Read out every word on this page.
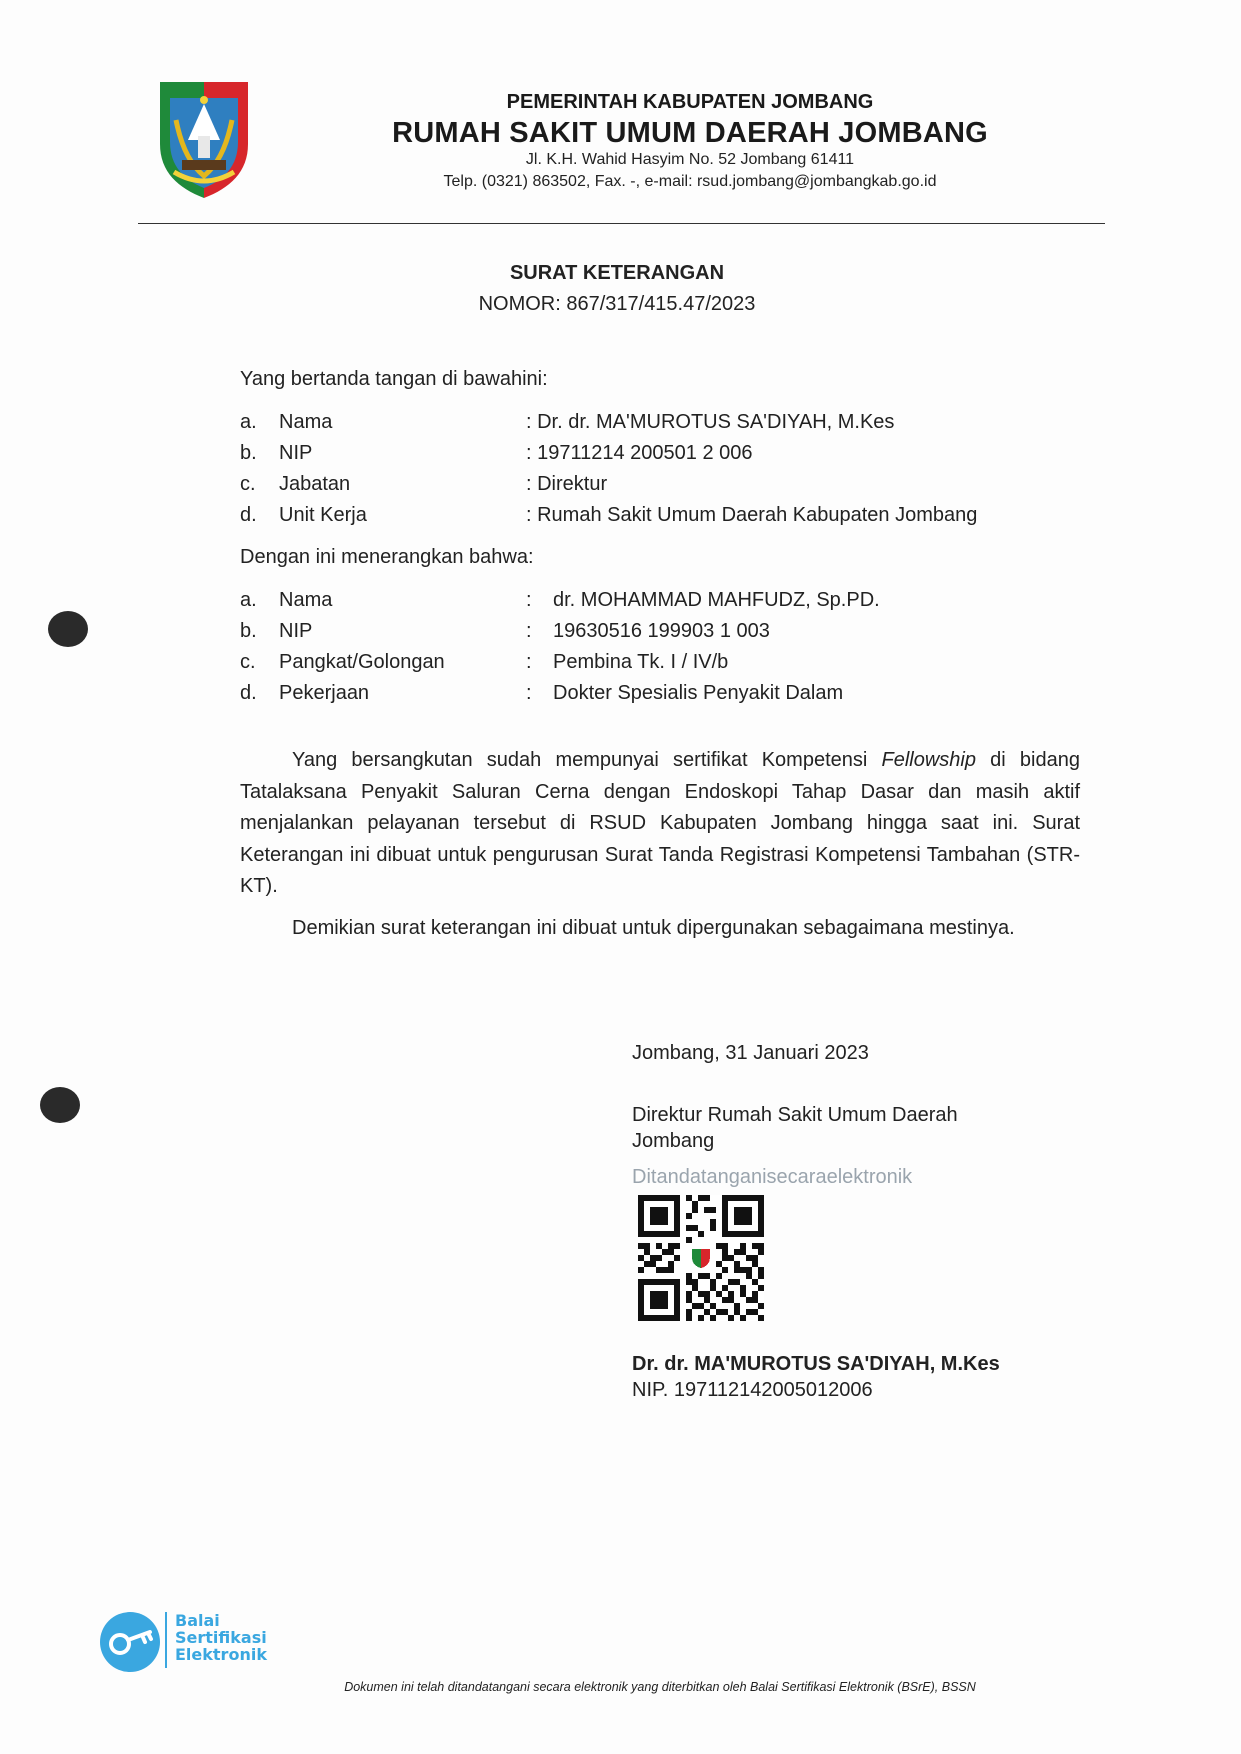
PEMERINTAH KABUPATEN JOMBANG
RUMAH SAKIT UMUM DAERAH JOMBANG
Jl. K.H. Wahid Hasyim No. 52 Jombang 61411
Telp. (0321) 863502, Fax. -, e-mail: rsud.jombang@jombangkab.go.id
SURAT KETERANGAN
NOMOR: 867/317/415.47/2023
Yang bertanda tangan di bawahini:
a. Nama	: Dr. dr. MA'MUROTUS SA'DIYAH, M.Kes
b. NIP	: 19711214 200501 2 006
c. Jabatan	: Direktur
d. Unit Kerja	: Rumah Sakit Umum Daerah Kabupaten Jombang
Dengan ini menerangkan bahwa:
a. Nama	: dr. MOHAMMAD MAHFUDZ, Sp.PD.
b. NIP	: 19630516 199903 1 003
c. Pangkat/Golongan	: Pembina Tk. I / IV/b
d. Pekerjaan	: Dokter Spesialis Penyakit Dalam
Yang bersangkutan sudah mempunyai sertifikat Kompetensi Fellowship di bidang Tatalaksana Penyakit Saluran Cerna dengan Endoskopi Tahap Dasar dan masih aktif menjalankan pelayanan tersebut di RSUD Kabupaten Jombang hingga saat ini. Surat Keterangan ini dibuat untuk pengurusan Surat Tanda Registrasi Kompetensi Tambahan (STR-KT).
Demikian surat keterangan ini dibuat untuk dipergunakan sebagaimana mestinya.
Jombang, 31 Januari 2023
Direktur Rumah Sakit Umum Daerah
Jombang
Ditandatanganisecaraelektronik
Dr. dr. MA'MUROTUS SA'DIYAH, M.Kes
NIP. 197112142005012006
Balai
Sertifikasi
Elektronik
Dokumen ini telah ditandatangani secara elektronik yang diterbitkan oleh Balai Sertifikasi Elektronik (BSrE), BSSN
